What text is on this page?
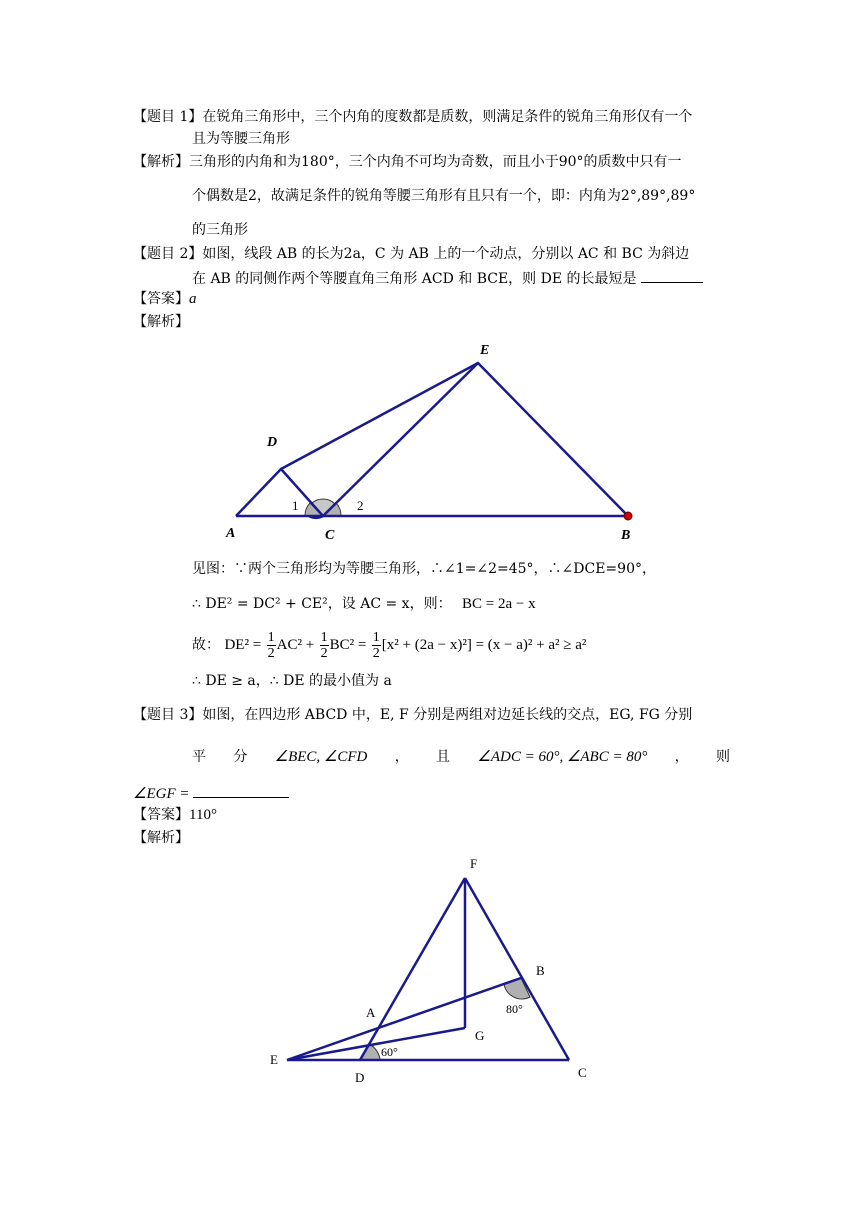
【题目 1】在锐角三角形中，三个内角的度数都是质数，则满足条件的锐角三角形仅有一个
且为等腰三角形
【解析】三角形的内角和为180°，三个内角不可均为奇数，而且小于90°的质数中只有一
个偶数是2，故满足条件的锐角等腰三角形有且只有一个，即：内角为2°,89°,89°
的三角形
【题目 2】如图，线段 AB 的长为2a，C 为 AB 上的一个动点，分别以 AC 和 BC 为斜边
在 AB 的同侧作两个等腰直角三角形 ACD 和 BCE，则 DE 的长最短是
【答案】a
【解析】
E
D
A	C	B
1	2
见图：∵两个三角形均为等腰三角形，∴∠1=∠2=45°，∴∠DCE=90°，
∴ DE² = DC² + CE²，设 AC = x，则： BC = 2a − x
故： $DE^2 = \frac{1}{2} AC^2 + \frac{1}{2} BC^2 = \frac{1}{2} [x^2 + (2a - x)^2] = (x - a)^2 + a^2 \ge a^2$
∴ DE ≥ a，∴ DE 的最小值为 a
【题目 3】如图，在四边形 ABCD 中，E, F 分别是两组对边延长线的交点，EG, FG 分别
平 分 ∠BEC, ∠CFD ， 且 ∠ADC = 60°, ∠ABC = 80° ， 则
∠EGF =
【答案】110°
【解析】
F
B
80°
A
G
60°
E
D	C
